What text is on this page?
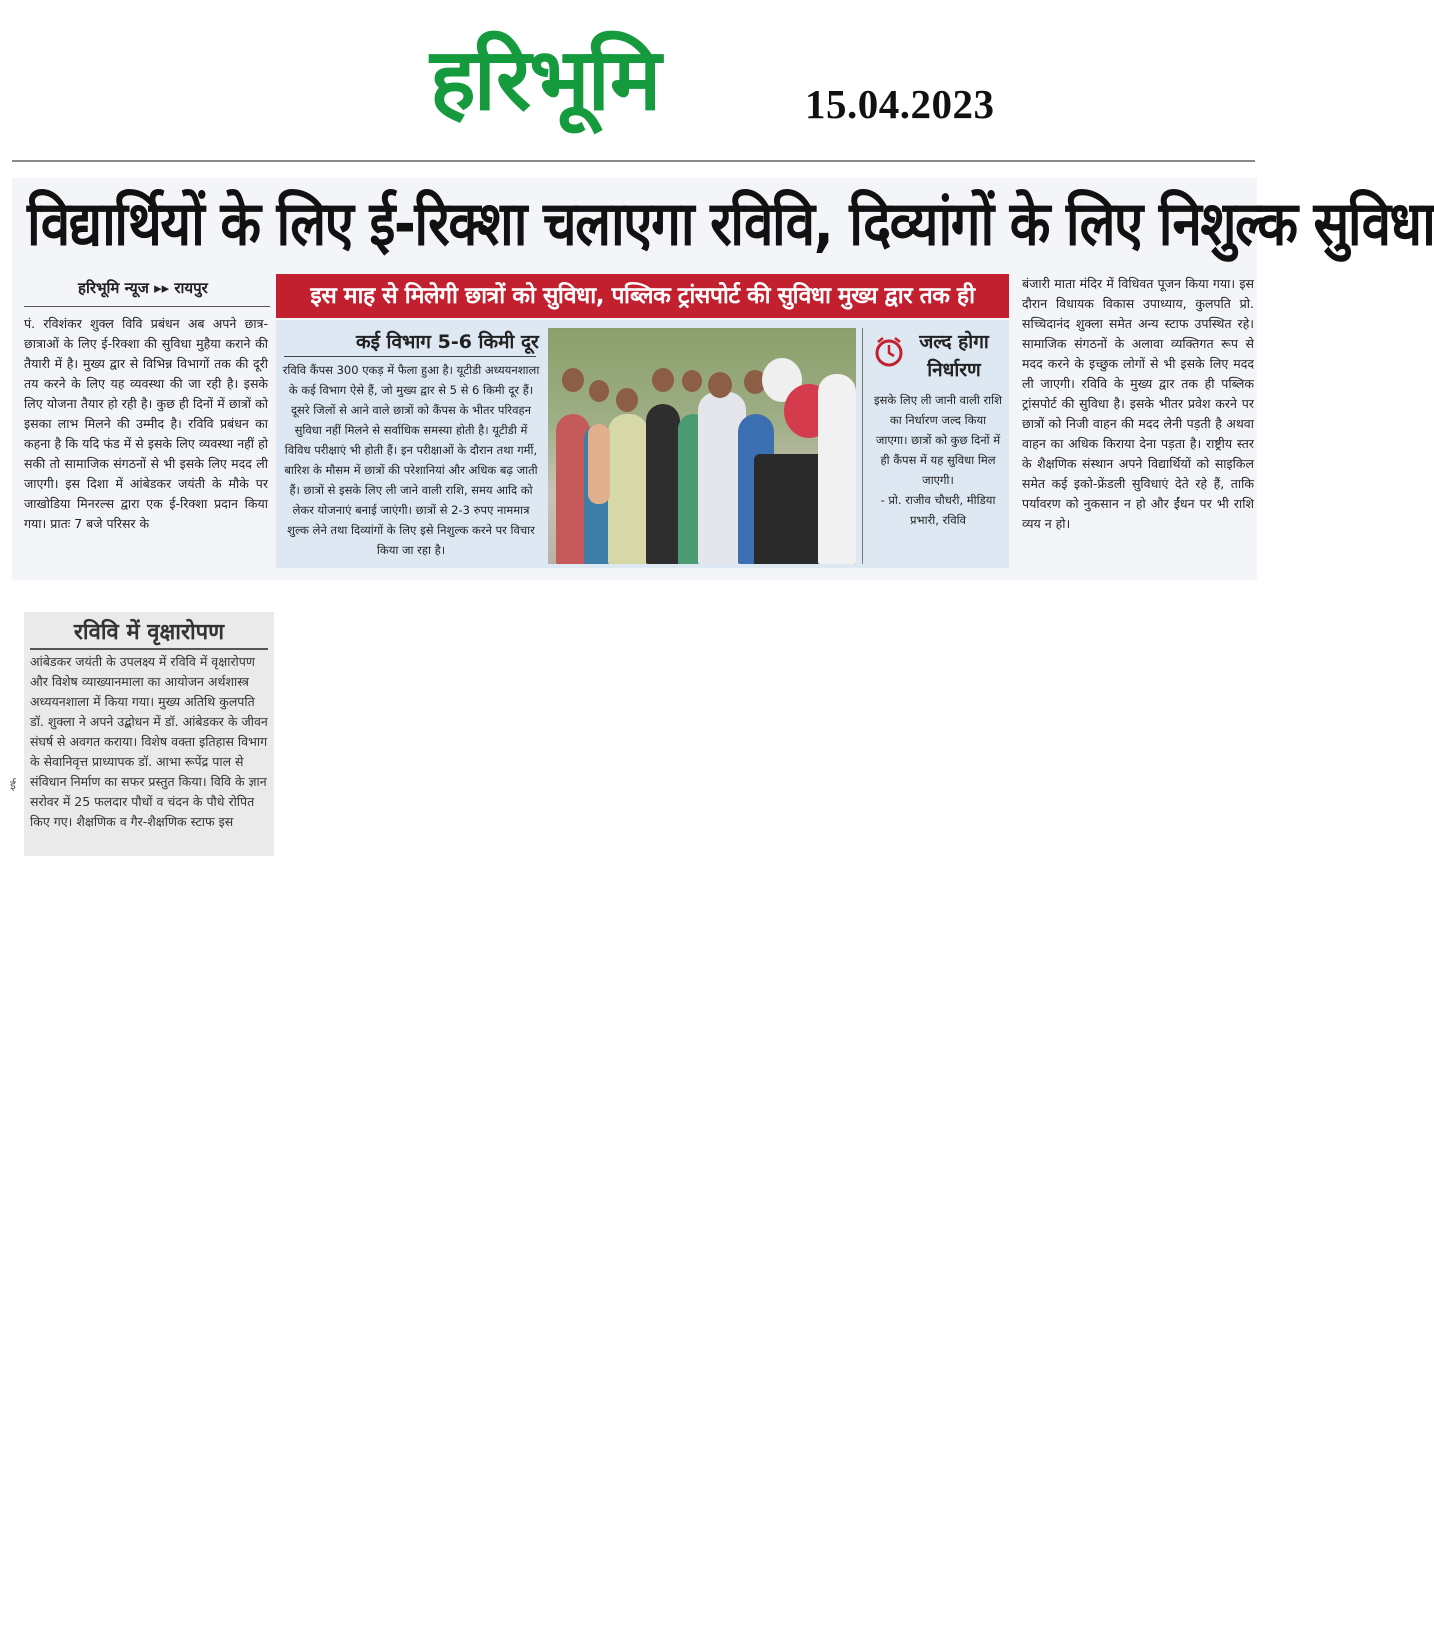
हरिभूमि	15.04.2023
विद्यार्थियों के लिए ई-रिक्शा चलाएगा रविवि, दिव्यांगों के लिए निशुल्क सुविधा
हरिभूमि न्यूज ▸▸ रायपुर
पं. रविशंकर शुक्ल विवि प्रबंधन अब अपने छात्र-छात्राओं के लिए ई-रिक्शा की सुविधा मुहैया कराने की तैयारी में है। मुख्य द्वार से विभिन्न विभागों तक की दूरी तय करने के लिए यह व्यवस्था की जा रही है। इसके लिए योजना तैयार हो रही है। कुछ ही दिनों में छात्रों को इसका लाभ मिलने की उम्मीद है। रविवि प्रबंधन का कहना है कि यदि फंड में से इसके लिए व्यवस्था नहीं हो सकी तो सामाजिक संगठनों से भी इसके लिए मदद ली जाएगी। इस दिशा में आंबेडकर जयंती के मौके पर जाखोडिया मिनरल्स द्वारा एक ई-रिक्शा प्रदान किया गया। प्रातः 7 बजे परिसर के
इस माह से मिलेगी छात्रों को सुविधा, पब्लिक ट्रांसपोर्ट की सुविधा मुख्य द्वार तक ही
कई विभाग 5-6 किमी दूर
रविवि कैंपस 300 एकड़ में फैला हुआ है। यूटीडी अध्ययनशाला के कई विभाग ऐसे हैं, जो मुख्य द्वार से 5 से 6 किमी दूर हैं। दूसरे जिलों से आने वाले छात्रों को कैंपस के भीतर परिवहन सुविधा नहीं मिलने से सर्वाधिक समस्या होती है। यूटीडी में विविध परीक्षाएं भी होती हैं। इन परीक्षाओं के दौरान तथा गर्मी, बारिश के मौसम में छात्रों की परेशानियां और अधिक बढ़ जाती हैं। छात्रों से इसके लिए ली जाने वाली राशि, समय आदि को लेकर योजनाएं बनाई जाएंगी। छात्रों से 2-3 रुपए नाममात्र शुल्क लेने तथा दिव्यांगों के लिए इसे निशुल्क करने पर विचार किया जा रहा है।
जल्द होगा निर्धारण
इसके लिए ली जानी वाली राशि का निर्धारण जल्द किया जाएगा। छात्रों को कुछ दिनों में ही कैंपस में यह सुविधा मिल जाएगी।
- प्रो. राजीव चौधरी, मीडिया प्रभारी, रविवि
बंजारी माता मंदिर में विधिवत पूजन किया गया। इस दौरान विधायक विकास उपाध्याय, कुलपति प्रो. सच्चिदानंद शुक्ला समेत अन्य स्टाफ उपस्थित रहे। सामाजिक संगठनों के अलावा व्यक्तिगत रूप से मदद करने के इच्छुक लोगों से भी इसके लिए मदद ली जाएगी। रविवि के मुख्य द्वार तक ही पब्लिक ट्रांसपोर्ट की सुविधा है। इसके भीतर प्रवेश करने पर छात्रों को निजी वाहन की मदद लेनी पड़ती है अथवा वाहन का अधिक किराया देना पड़ता है। राष्ट्रीय स्तर के शैक्षणिक संस्थान अपने विद्यार्थियों को साइकिल समेत कई इको-फ्रेंडली सुविधाएं देते रहे हैं, ताकि पर्यावरण को नुकसान न हो और ईंधन पर भी राशि व्यय न हो।
ई
रविवि में वृक्षारोपण
आंबेडकर जयंती के उपलक्ष्य में रविवि में वृक्षारोपण और विशेष व्याख्यानमाला का आयोजन अर्थशास्त्र अध्ययनशाला में किया गया। मुख्य अतिथि कुलपति डॉ. शुक्ला ने अपने उद्बोधन में डॉ. आंबेडकर के जीवन संघर्ष से अवगत कराया। विशेष वक्ता इतिहास विभाग के सेवानिवृत्त प्राध्यापक डॉ. आभा रूपेंद्र पाल से संविधान निर्माण का सफर प्रस्तुत किया। विवि के ज्ञान सरोवर में 25 फलदार पौधों व चंदन के पौधे रोपित किए गए। शैक्षणिक व गैर-शैक्षणिक स्टाफ इस
